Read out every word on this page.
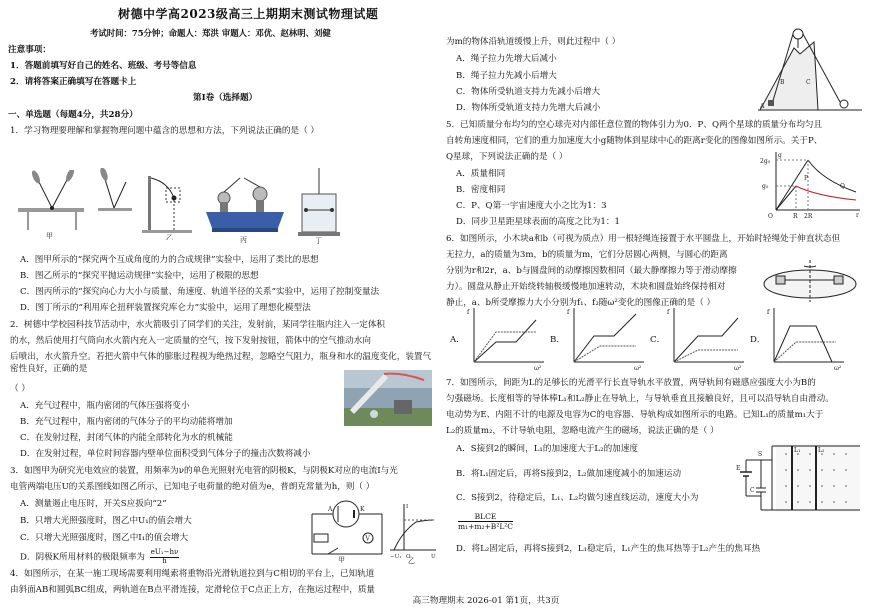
树德中学高2023级高三上期期末测试物理试题
考试时间：75分钟；命题人：郑洪 审题人：邓优、赵林明、刘健
注意事项：
1．答题前填写好自己的姓名、班级、考号等信息
2．请将答案正确填写在答题卡上
第Ⅰ卷（选择题）
一、单选题（每题4分，共28分）
1．学习物理要理解和掌握物理问题中蕴含的思想和方法，下列说法正确的是（ ）
甲	乙	丙	丁
A．图甲所示的“探究两个互成角度的力的合成规律”实验中，运用了类比的思想
B．图乙所示的“探究平抛运动规律”实验中，运用了极限的思想
C．图丙所示的“探究向心力大小与质量、角速度、轨道半径的关系”实验中，运用了控制变量法
D．图丁所示的“利用库仑扭秤装置探究库仑力”实验中，运用了理想化模型法
2．树德中学校园科技节活动中，水火箭吸引了同学们的关注，发射前，某同学往瓶内注入一定体积
的水，然后使用打气筒向水火箭内充入一定质量的空气，按下发射按钮，箭体中的空气推动水向
后喷出，水火箭升空。若把火箭中气体的膨胀过程视为绝热过程，忽略空气阻力，瓶身和水的温度变化，装置气密性良好，正确的是
（ ）
A．充气过程中，瓶内密闭的气体压强将变小
B．充气过程中，瓶内密闭的气体分子的平均动能将增加
C．在发射过程，封闭气体的内能全部转化为水的机械能
D．在发射过程，单位时间容器内壁单位面积受到气体分子的撞击次数将减小
3．如图甲为研究光电效应的装置，用频率为ν的单色光照射光电管的阴极K，与阴极K对应的电流I与光
电管两端电压U的关系图线如图乙所示，已知电子电荷量的绝对值为e，普朗克常量为h，则（ ）
A．测量遏止电压时，开关S应扳向“2”
B．只增大光照强度时，图乙中U₁的值会增大
C．只增大光照强度时，图乙中I₁的值会增大
D．阴极K所用材料的极限频率为 $\frac{\text{eU₁−hν}}{h}$
K
A
V
甲	−U₁ O	U
I
乙
4．如图所示，在某一施工现场需要利用绳索将重物沿光滑轨道拉到与C相切的平台上，已知轨道
由斜面AB和圆弧BC组成，两轨道在B点平滑连接，定滑轮位于C点正上方，在拖运过程中，质量
为m的物体沿轨道缓慢上升，则此过程中（ ）
A．绳子拉力先增大后减小
B．绳子拉力先减小后增大
C．物体所受轨道支持力先减小后增大
D．物体所受轨道支持力先增大后减小	A
B	C
5．已知质量分布均匀的空心球壳对内部任意位置的物体引力为0．P、Q两个星球的质量分布均匀且
自转角速度相同，它们的重力加速度大小g随物体到星球中心的距离r变化的图像如图所示。关于P、
Q星球，下列说法正确的是（ ）
A．质量相同
B．密度相同
C．P、Q第一宇宙速度大小之比为1：3
D．同步卫星距星球表面的高度之比为1：1
2g₀
g₀
O	R 2R
g
r
P
Q
6．如图所示，小木块a和b（可视为质点）用一根轻绳连接置于水平圆盘上，开始时轻绳处于伸直状态但
无拉力，a的质量为3m，b的质量为m，它们分居圆心两侧，与圆心的距离
分别为r和2r，a、b与圆盘间的动摩擦因数相同（最大静摩擦力等于滑动摩擦
力）。圆盘从静止开始绕转轴极缓慢地加速转动，木块和圆盘始终保持相对
静止，a、b所受摩擦力大小分别为f₁、f₂随ω²变化的图像正确的是（ ）
A．
f
ω²
B．
f
ω²
C．
f
ω²
D．
f
ω²
7．如图所示，间距为L的足够长的光滑平行长直导轨水平放置，两导轨间有磁感应强度大小为B的
匀强磁场。长度相等的导体棒L₁和L₂静止在导轨上，与导轨垂直且接触良好，且可以沿导轨自由滑动。
电动势为E、内阻不计的电源及电容为C的电容器、导轨构成如图所示的电路。已知L₁的质量m₁大于
L₂的质量m₂，不计导轨电阻，忽略电流产生的磁场，说法正确的是（ ）
A．S接到2的瞬间，L₁的加速度大于L₂的加速度
B．将L₁固定后，再将S接到2，L₂做加速度减小的加速运动
C．S接到2，待稳定后，L₁、L₂均做匀速直线运动，速度大小为
BLCE
m₁+m₂+B²L²C
D．将L₂固定后，再将S接到2，L₁稳定后，L₁产生的焦耳热等于L₂产生的焦耳热
L₁	L₂
E
C
S
高三物理期末 2026-01 第1页，共3页
